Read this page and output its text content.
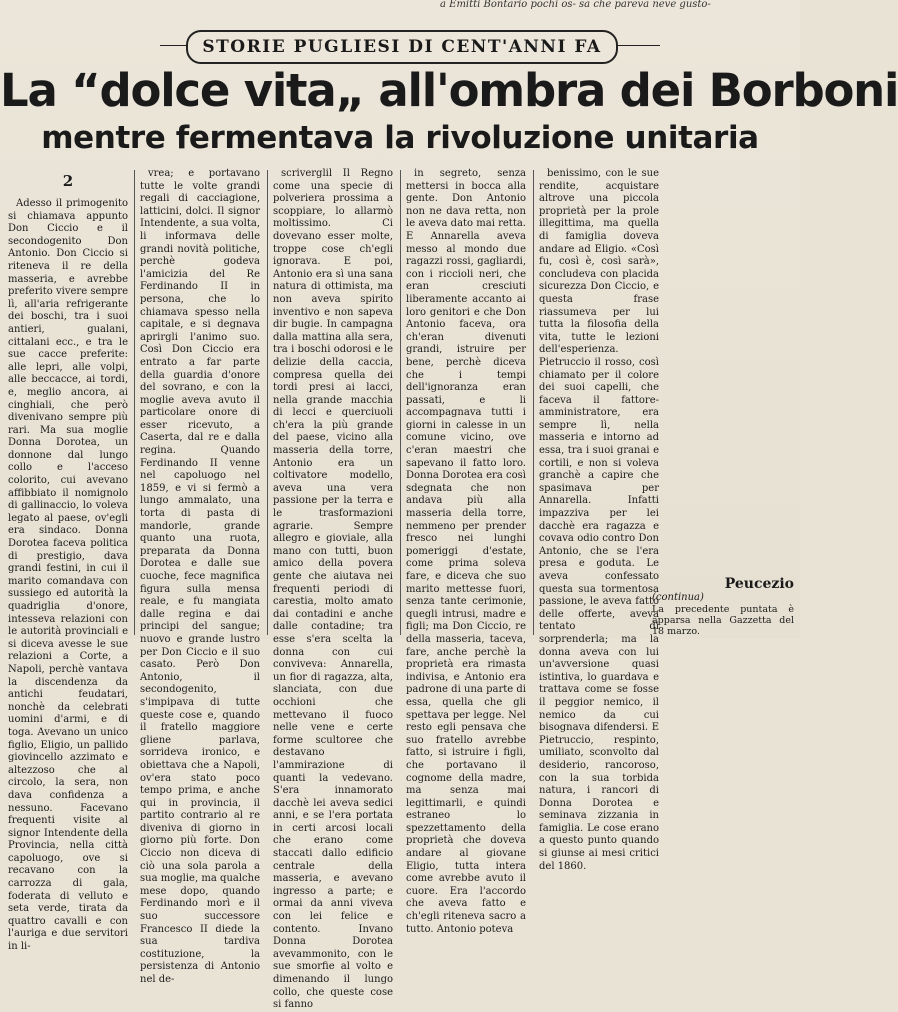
a Emitti Bontario pochi os- sa che pareva neve gusto-
STORIE PUGLIESI DI CENT'ANNI FA
La “dolce vita„ all'ombra dei Borboni
mentre fermentava la rivoluzione unitaria
2

Adesso il primogenito si chiamava appunto Don Ciccio e il secondogenito Don Antonio. Don Ciccio si riteneva il re della masseria, e avrebbe preferito vivere sempre lì, all'aria refrigerante dei boschi, tra i suoi antieri, gualani, cittalani ecc., e tra le sue cacce preferite: alle lepri, alle volpi, alle beccacce, ai tordi, e, meglio ancora, ai cinghiali, che però divenivano sempre più rari. Ma sua moglie Donna Dorotea, un donnone dal lungo collo e l'acceso colorito, cui avevano affibbiato il nomignolo di gallinaccio, lo voleva legato al paese, ov'egli era sindaco. Donna Dorotea faceva politica di prestigio, dava grandi festini, in cui il marito comandava con sussiego ed autorità la quadriglia d'onore, intesseva relazioni con le autorità provinciali e si diceva avesse le sue relazioni a Corte, a Napoli, perchè vantava la discendenza da antichi feudatari, nonchè da celebrati uomini d'armi, e di toga. Avevano un unico figlio, Eligio, un pallido giovincello azzimato e altezzoso che al circolo, la sera, non dava confidenza a nessuno. Facevano frequenti visite al signor Intendente della Provincia, nella città capoluogo, ove si recavano con la carrozza di gala, foderata di velluto e seta verde, tirata da quattro cavalli e con l'auriga e due servitori in li-

vrea; e portavano tutte le volte grandi regali di cacciagione, latticini, dolci. Il signor Intendente, a sua volta, li informava delle grandi novità politiche, perchè godeva l'amicizia del Re Ferdinando II in persona, che lo chiamava spesso nella capitale, e si degnava aprirgli l'animo suo. Così Don Ciccio era entrato a far parte della guardia d'onore del sovrano, e con la moglie aveva avuto il particolare onore di esser ricevuto, a Caserta, dal re e dalla regina. Quando Ferdinando II venne nel capoluogo nel 1859, e vi si fermò a lungo ammalato, una torta di pasta di mandorle, grande quanto una ruota, preparata da Donna Dorotea e dalle sue cuoche, fece magnifica figura sulla mensa reale, e fu mangiata dalle regina e dai principi del sangue; nuovo e grande lustro per Don Ciccio e il suo casato. Però Don Antonio, il secondogenito, s'impipava di tutte queste cose e, quando il fratello maggiore gliene parlava, sorrideva ironico, e obiettava che a Napoli, ov'era stato poco tempo prima, e anche qui in provincia, il partito contrario al re diveniva di giorno in giorno più forte. Don Ciccio non diceva di ciò una sola parola a sua moglie, ma qualche mese dopo, quando Ferdinando morì e il suo successore Francesco II diede la sua tardiva costituzione, la persistenza di Antonio nel de-

scriverglil Il Regno come una specie di polveriera prossima a scoppiare, lo allarmò moltissimo. Ci dovevano esser molte, troppe cose ch'egli ignorava. E poi, Antonio era sì una sana natura di ottimista, ma non aveva spirito inventivo e non sapeva dir bugie. In campagna dalla mattina alla sera, tra i boschi odorosi e le delizie della caccia, compresa quella dei tordi presi ai lacci, nella grande macchia di lecci e querciuoli ch'era la più grande del paese, vicino alla masseria della torre, Antonio era un coltivatore modello, aveva una vera passione per la terra e le trasformazioni agrarie. Sempre allegro e gioviale, alla mano con tutti, buon amico della povera gente che aiutava nei frequenti periodi di carestia, molto amato dai contadini e anche dalle contadine; tra esse s'era scelta la donna con cui conviveva: Annarella, un fior di ragazza, alta, slanciata, con due occhioni che mettevano il fuoco nelle vene e certe forme scultoree che destavano l'ammirazione di quanti la vedevano. S'era innamorato dacchè lei aveva sedici anni, e se l'era portata in certi arcosi locali che erano come staccati dallo edificio centrale della masseria, e avevano ingresso a parte; e ormai da anni viveva con lei felice e contento. Invano Donna Dorotea avevammonito, con le sue smorfie al volto e dimenando il lungo collo, che queste cose si fanno

in segreto, senza mettersi in bocca alla gente. Don Antonio non ne dava retta, non le aveva dato mai retta. E Annarella aveva messo al mondo due ragazzi rossi, gagliardi, con i riccioli neri, che eran cresciuti liberamente accanto ai loro genitori e che Don Antonio faceva, ora ch'eran divenuti grandi, istruire per bene, perchè diceva che i tempi dell'ignoranza eran passati, e li accompagnava tutti i giorni in calesse in un comune vicino, ove c'eran maestri che sapevano il fatto loro. Donna Dorotea era così sdegnata che non andava più alla masseria della torre, nemmeno per prender fresco nei lunghi pomeriggi d'estate, come prima soleva fare, e diceva che suo marito mettesse fuori, senza tante cerimonie, quegli intrusi, madre e figli; ma Don Ciccio, re della masseria, taceva, fare, anche perchè la proprietà era rimasta indivisa, e Antonio era padrone di una parte di essa, quella che gli spettava per legge. Nel resto egli pensava che suo fratello avrebbe fatto, si istruire i figli, che portavano il cognome della madre, ma senza mai legittimarli, e quindi estraneo lo spezzettamento della proprietà che doveva andare al giovane Eligio, tutta intera come avrebbe avuto il cuore. Era l'accordo che aveva fatto e ch'egli riteneva sacro a tutto. Antonio poteva

benissimo, con le sue rendite, acquistare altrove una piccola proprietà per la prole illegittima, ma quella di famiglia doveva andare ad Eligio. «Così fu, così è, così sarà», concludeva con placida sicurezza Don Ciccio, e questa frase riassumeva per lui tutta la filosofia della vita, tutte le lezioni dell'esperienza. Pietruccio il rosso, così chiamato per il colore dei suoi capelli, che faceva il fattore-amministratore, era sempre lì, nella masseria e intorno ad essa, tra i suoi granai e cortili, e non si voleva granchè a capire che spasimava per Annarella. Infatti impazziva per lei dacchè era ragazza e covava odio contro Don Antonio, che se l'era presa e goduta. Le aveva confessato questa sua tormentosa passione, le aveva fatto delle offerte, aveva tentato di sorprenderla; ma la donna aveva con lui un'avversione quasi istintiva, lo guardava e trattava come se fosse il peggior nemico, il nemico da cui bisognava difendersi. E Pietruccio, respinto, umiliato, sconvolto dal desiderio, rancoroso, con la sua torbida natura, i rancori di Donna Dorotea e seminava zizzania in famiglia. Le cose erano a questo punto quando si giunse ai mesi critici del 1860.

Peucezio
(continua)
La precedente puntata è apparsa nella Gazzetta del 18 marzo.
